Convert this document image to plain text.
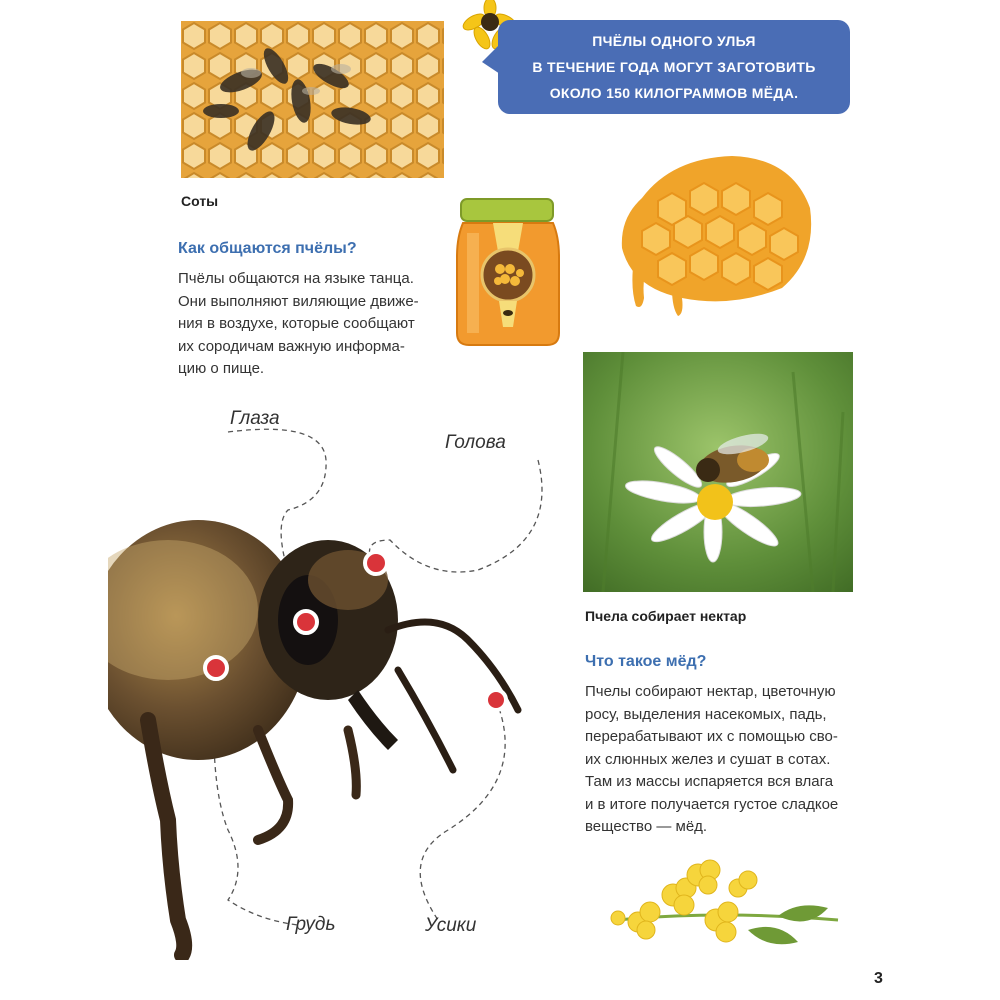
Соты
ПЧЁЛЫ ОДНОГО УЛЬЯ
В ТЕЧЕНИЕ ГОДА МОГУТ ЗАГОТОВИТЬ
ОКОЛО 150 КИЛОГРАММОВ МЁДА.
Как общаются пчёлы?
Пчёлы общаются на языке танца.
Они выполняют виляющие движе-
ния в воздухе, которые сообщают
их сородичам важную информа-
цию о пище.
Пчела собирает нектар
Что такое мёд?
Пчелы собирают нектар, цветочную
росу, выделения насекомых, падь,
перерабатывают их с помощью сво-
их слюнных желез и сушат в сотах.
Там из массы испаряется вся влага
и в итоге получается густое сладкое
вещество — мёд.
Глаза
Голова
Грудь	Усики
3
